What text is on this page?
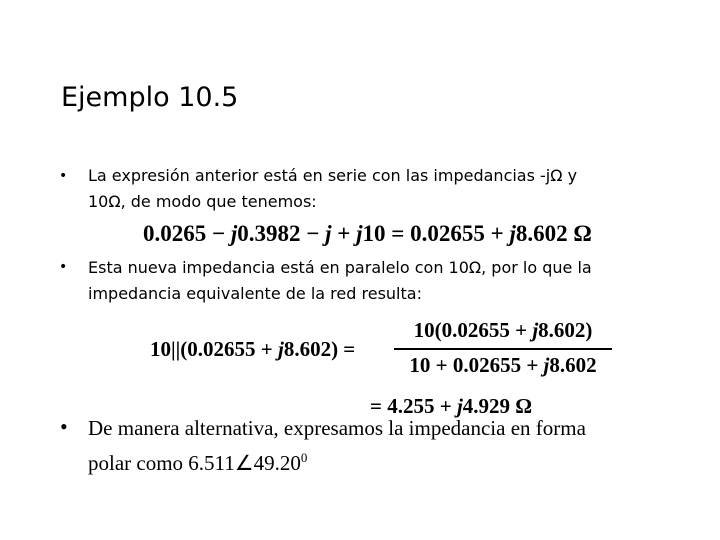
Ejemplo 10.5
• La expresión anterior está en serie con las impedancias -jΩ y
10Ω, de modo que tenemos:
0.0265 − j0.3982 − j + j10 = 0.02655 + j8.602 Ω
• Esta nueva impedancia está en paralelo con 10Ω, por lo que la
impedancia equivalente de la red resulta:
10||(0.02655 + j8.602) =
10(0.02655 + j8.602)
10 + 0.02655 + j8.602
= 4.255 + j4.929 Ω
• De manera alternativa, expresamos la impedancia en forma
polar como 6.511∠49.20$^0$
